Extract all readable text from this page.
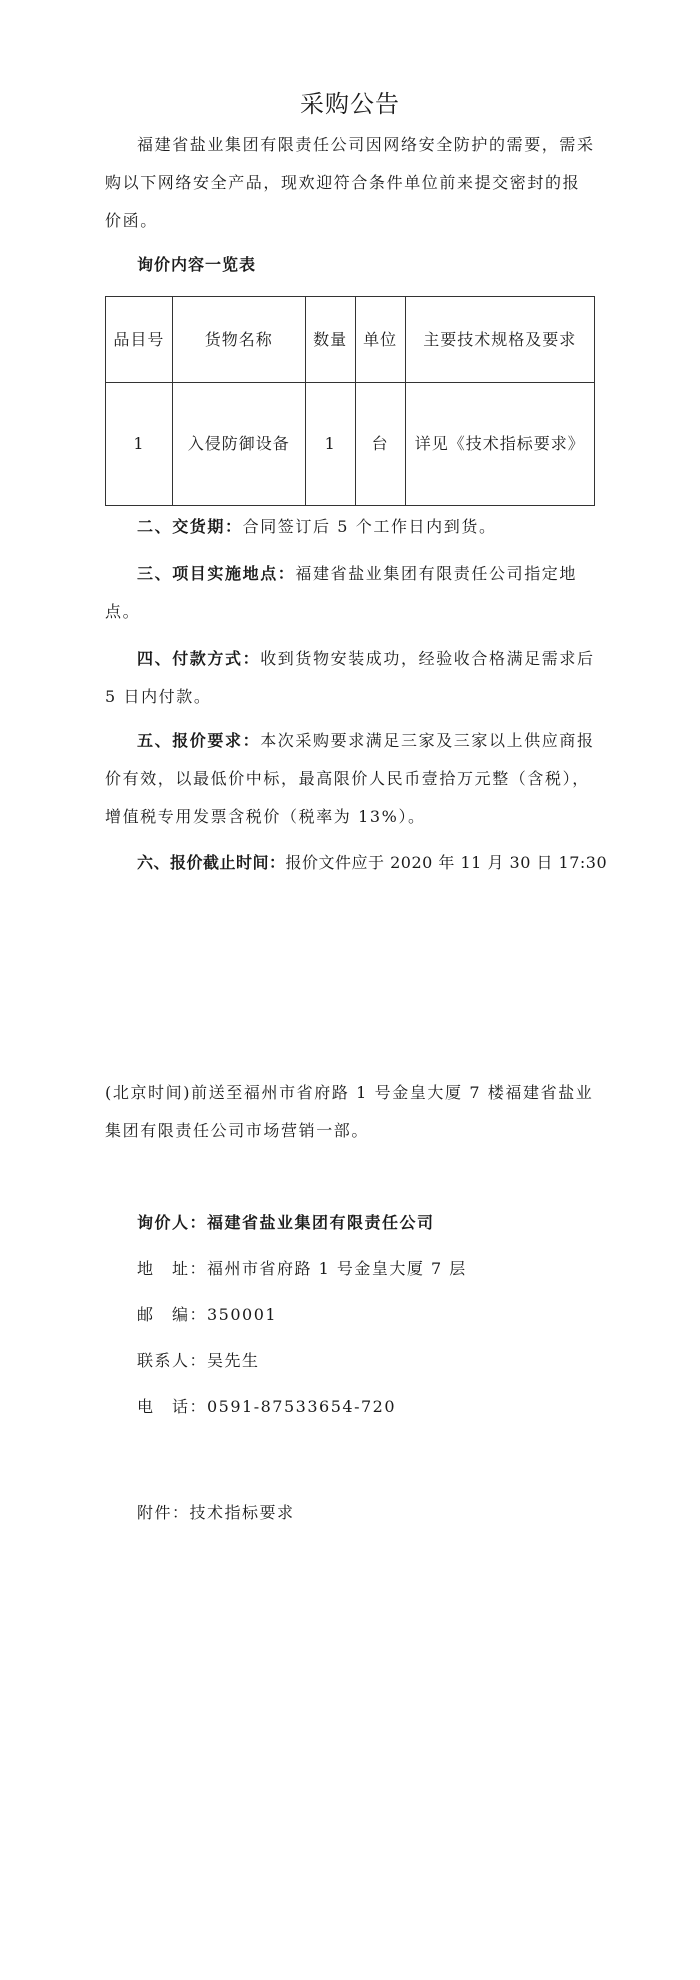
采购公告
福建省盐业集团有限责任公司因网络安全防护的需要，需采购以下网络安全产品，现欢迎符合条件单位前来提交密封的报价函。
询价内容一览表
品目号	货物名称	数量	单位	主要技术规格及要求
1	入侵防御设备	1	台	详见《技术指标要求》
二、交货期：合同签订后 5 个工作日内到货。
三、项目实施地点：福建省盐业集团有限责任公司指定地点。
四、付款方式：收到货物安装成功，经验收合格满足需求后 5 日内付款。
五、报价要求：本次采购要求满足三家及三家以上供应商报价有效，以最低价中标，最高限价人民币壹拾万元整（含税），增值税专用发票含税价（税率为 13%）。
六、报价截止时间：报价文件应于 2020 年 11 月 30 日 17:30
(北京时间)前送至福州市省府路 1 号金皇大厦 7 楼福建省盐业集团有限责任公司市场营销一部。
询价人：福建省盐业集团有限责任公司
地　址：福州市省府路 1 号金皇大厦 7 层
邮　编：350001
联系人：吴先生
电　话：0591-87533654-720
附件：技术指标要求
